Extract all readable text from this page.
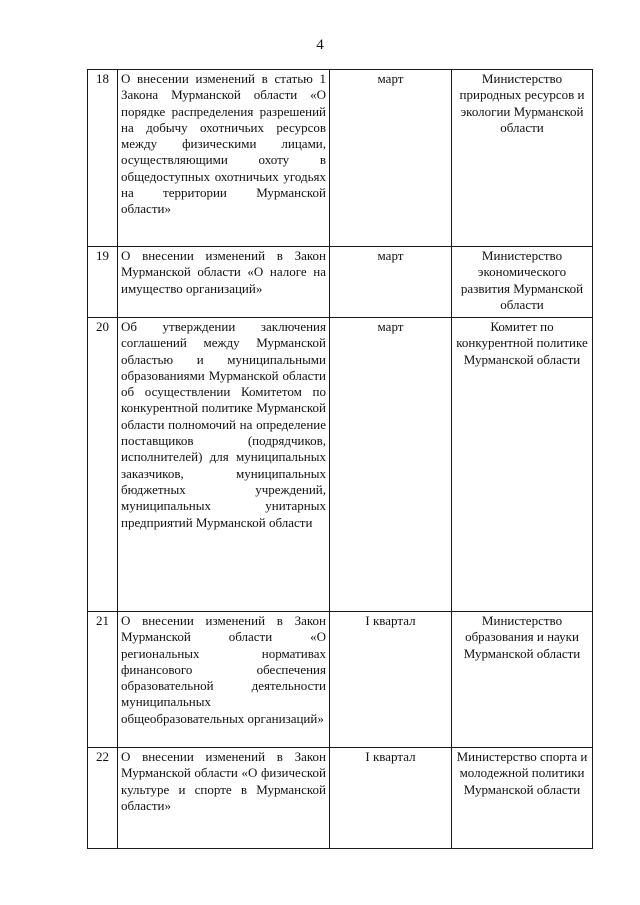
4
18	О внесении изменений в статью 1 Закона Мурманской области «О порядке распределения разрешений на добычу охотничьих ресурсов между физическими лицами, осуществляющими охоту в общедоступных охотничьих угодьях на территории Мурманской области»	март	Министерство природных ресурсов и экологии Мурманской области
19	О внесении изменений в Закон Мурманской области «О налоге на имущество организаций»	март	Министерство экономического развития Мурманской области
20	Об утверждении заключения соглашений между Мурманской областью и муниципальными образованиями Мурманской области об осуществлении Комитетом по конкурентной политике Мурманской области полномочий на определение поставщиков (подрядчиков, исполнителей) для муниципальных заказчиков, муниципальных бюджетных учреждений, муниципальных унитарных предприятий Мурманской области	март	Комитет по конкурентной политике Мурманской области
21	О внесении изменений в Закон Мурманской области «О региональных нормативах финансового обеспечения образовательной деятельности муниципальных общеобразовательных организаций»	I квартал	Министерство образования и науки Мурманской области
22	О внесении изменений в Закон Мурманской области «О физической культуре и спорте в Мурманской области»	I квартал	Министерство спорта и молодежной политики Мурманской области
